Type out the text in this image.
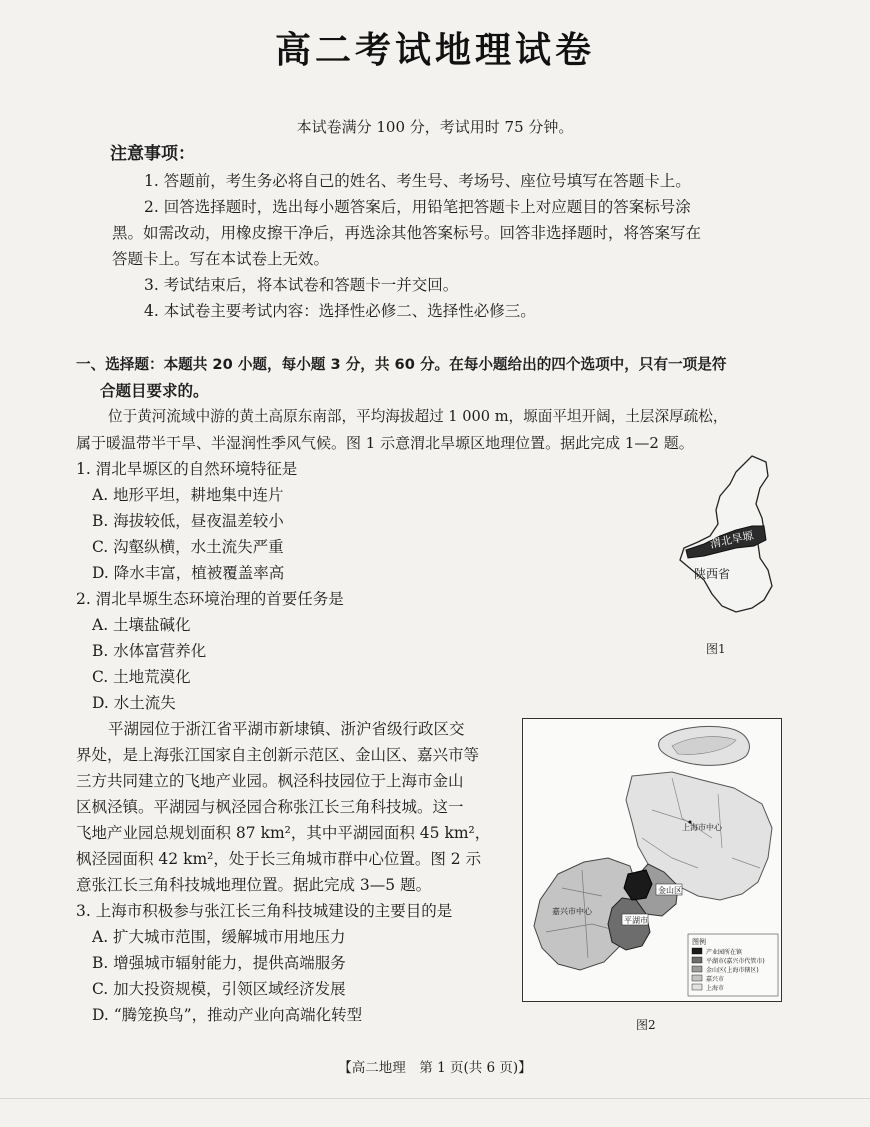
高二考试地理试卷
本试卷满分 100 分，考试用时 75 分钟。
注意事项：
1. 答题前，考生务必将自己的姓名、考生号、考场号、座位号填写在答题卡上。
2. 回答选择题时，选出每小题答案后，用铅笔把答题卡上对应题目的答案标号涂
黑。如需改动，用橡皮擦干净后，再选涂其他答案标号。回答非选择题时，将答案写在
答题卡上。写在本试卷上无效。
3. 考试结束后，将本试卷和答题卡一并交回。
4. 本试卷主要考试内容：选择性必修二、选择性必修三。
一、选择题：本题共 20 小题，每小题 3 分，共 60 分。在每小题给出的四个选项中，只有一项是符
合题目要求的。
位于黄河流域中游的黄土高原东南部，平均海拔超过 1 000 m，塬面平坦开阔，土层深厚疏松，
属于暖温带半干旱、半湿润性季风气候。图 1 示意渭北旱塬区地理位置。据此完成 1—2 题。
1. 渭北旱塬区的自然环境特征是
A. 地形平坦，耕地集中连片
B. 海拔较低，昼夜温差较小
C. 沟壑纵横，水土流失严重
D. 降水丰富，植被覆盖率高
2. 渭北旱塬生态环境治理的首要任务是
A. 土壤盐碱化
B. 水体富营养化
C. 土地荒漠化
D. 水土流失
渭北旱塬
陕西省
图1
平湖园位于浙江省平湖市新埭镇、浙沪省级行政区交
界处，是上海张江国家自主创新示范区、金山区、嘉兴市等
三方共同建立的飞地产业园。枫泾科技园位于上海市金山
区枫泾镇。平湖园与枫泾园合称张江长三角科技城。这一
飞地产业园总规划面积 87 km²，其中平湖园面积 45 km²，
枫泾园面积 42 km²，处于长三角城市群中心位置。图 2 示
意张江长三角科技城地理位置。据此完成 3—5 题。
3. 上海市积极参与张江长三角科技城建设的主要目的是
A. 扩大城市范围，缓解城市用地压力
B. 增强城市辐射能力，提供高端服务
C. 加大投资规模，引领区域经济发展
D. “腾笼换鸟”，推动产业向高端化转型
上海市中心
金山区
平湖市
嘉兴市中心
图例
产业园所在镇
平湖市(嘉兴市代管市)
金山区(上海市辖区)
嘉兴市
上海市
图2
【高二地理　第 1 页(共 6 页)】
